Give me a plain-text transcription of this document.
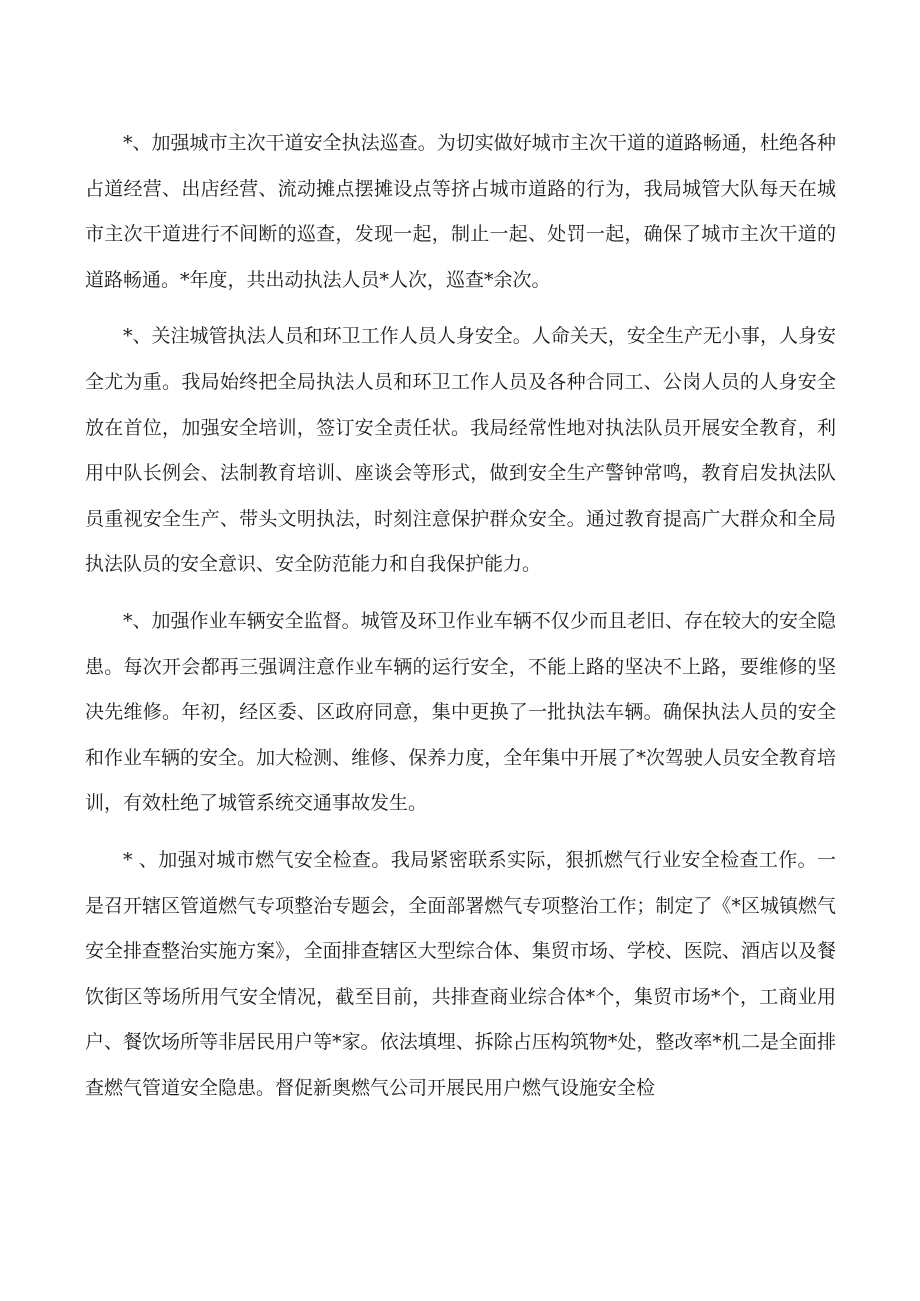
*、加强城市主次干道安全执法巡查。为切实做好城市主次干道的道路畅通，杜绝各种占道经营、出店经营、流动摊点摆摊设点等挤占城市道路的行为，我局城管大队每天在城市主次干道进行不间断的巡查，发现一起，制止一起、处罚一起，确保了城市主次干道的道路畅通。*年度，共出动执法人员*人次，巡查*余次。

*、关注城管执法人员和环卫工作人员人身安全。人命关天，安全生产无小事，人身安全尤为重。我局始终把全局执法人员和环卫工作人员及各种合同工、公岗人员的人身安全放在首位，加强安全培训，签订安全责任状。我局经常性地对执法队员开展安全教育，利用中队长例会、法制教育培训、座谈会等形式，做到安全生产警钟常鸣，教育启发执法队员重视安全生产、带头文明执法，时刻注意保护群众安全。通过教育提高广大群众和全局执法队员的安全意识、安全防范能力和自我保护能力。

*、加强作业车辆安全监督。城管及环卫作业车辆不仅少而且老旧、存在较大的安全隐患。每次开会都再三强调注意作业车辆的运行安全，不能上路的坚决不上路，要维修的坚决先维修。年初，经区委、区政府同意，集中更换了一批执法车辆。确保执法人员的安全和作业车辆的安全。加大检测、维修、保养力度，全年集中开展了*次驾驶人员安全教育培训，有效杜绝了城管系统交通事故发生。

* 、加强对城市燃气安全检查。我局紧密联系实际，狠抓燃气行业安全检查工作。一是召开辖区管道燃气专项整治专题会，全面部署燃气专项整治工作；制定了《*区城镇燃气安全排查整治实施方案》，全面排查辖区大型综合体、集贸市场、学校、医院、酒店以及餐饮街区等场所用气安全情况，截至目前，共排查商业综合体*个，集贸市场*个，工商业用户、餐饮场所等非居民用户等*家。依法填埋、拆除占压构筑物*处，整改率*机二是全面排查燃气管道安全隐患。督促新奥燃气公司开展民用户燃气设施安全检
